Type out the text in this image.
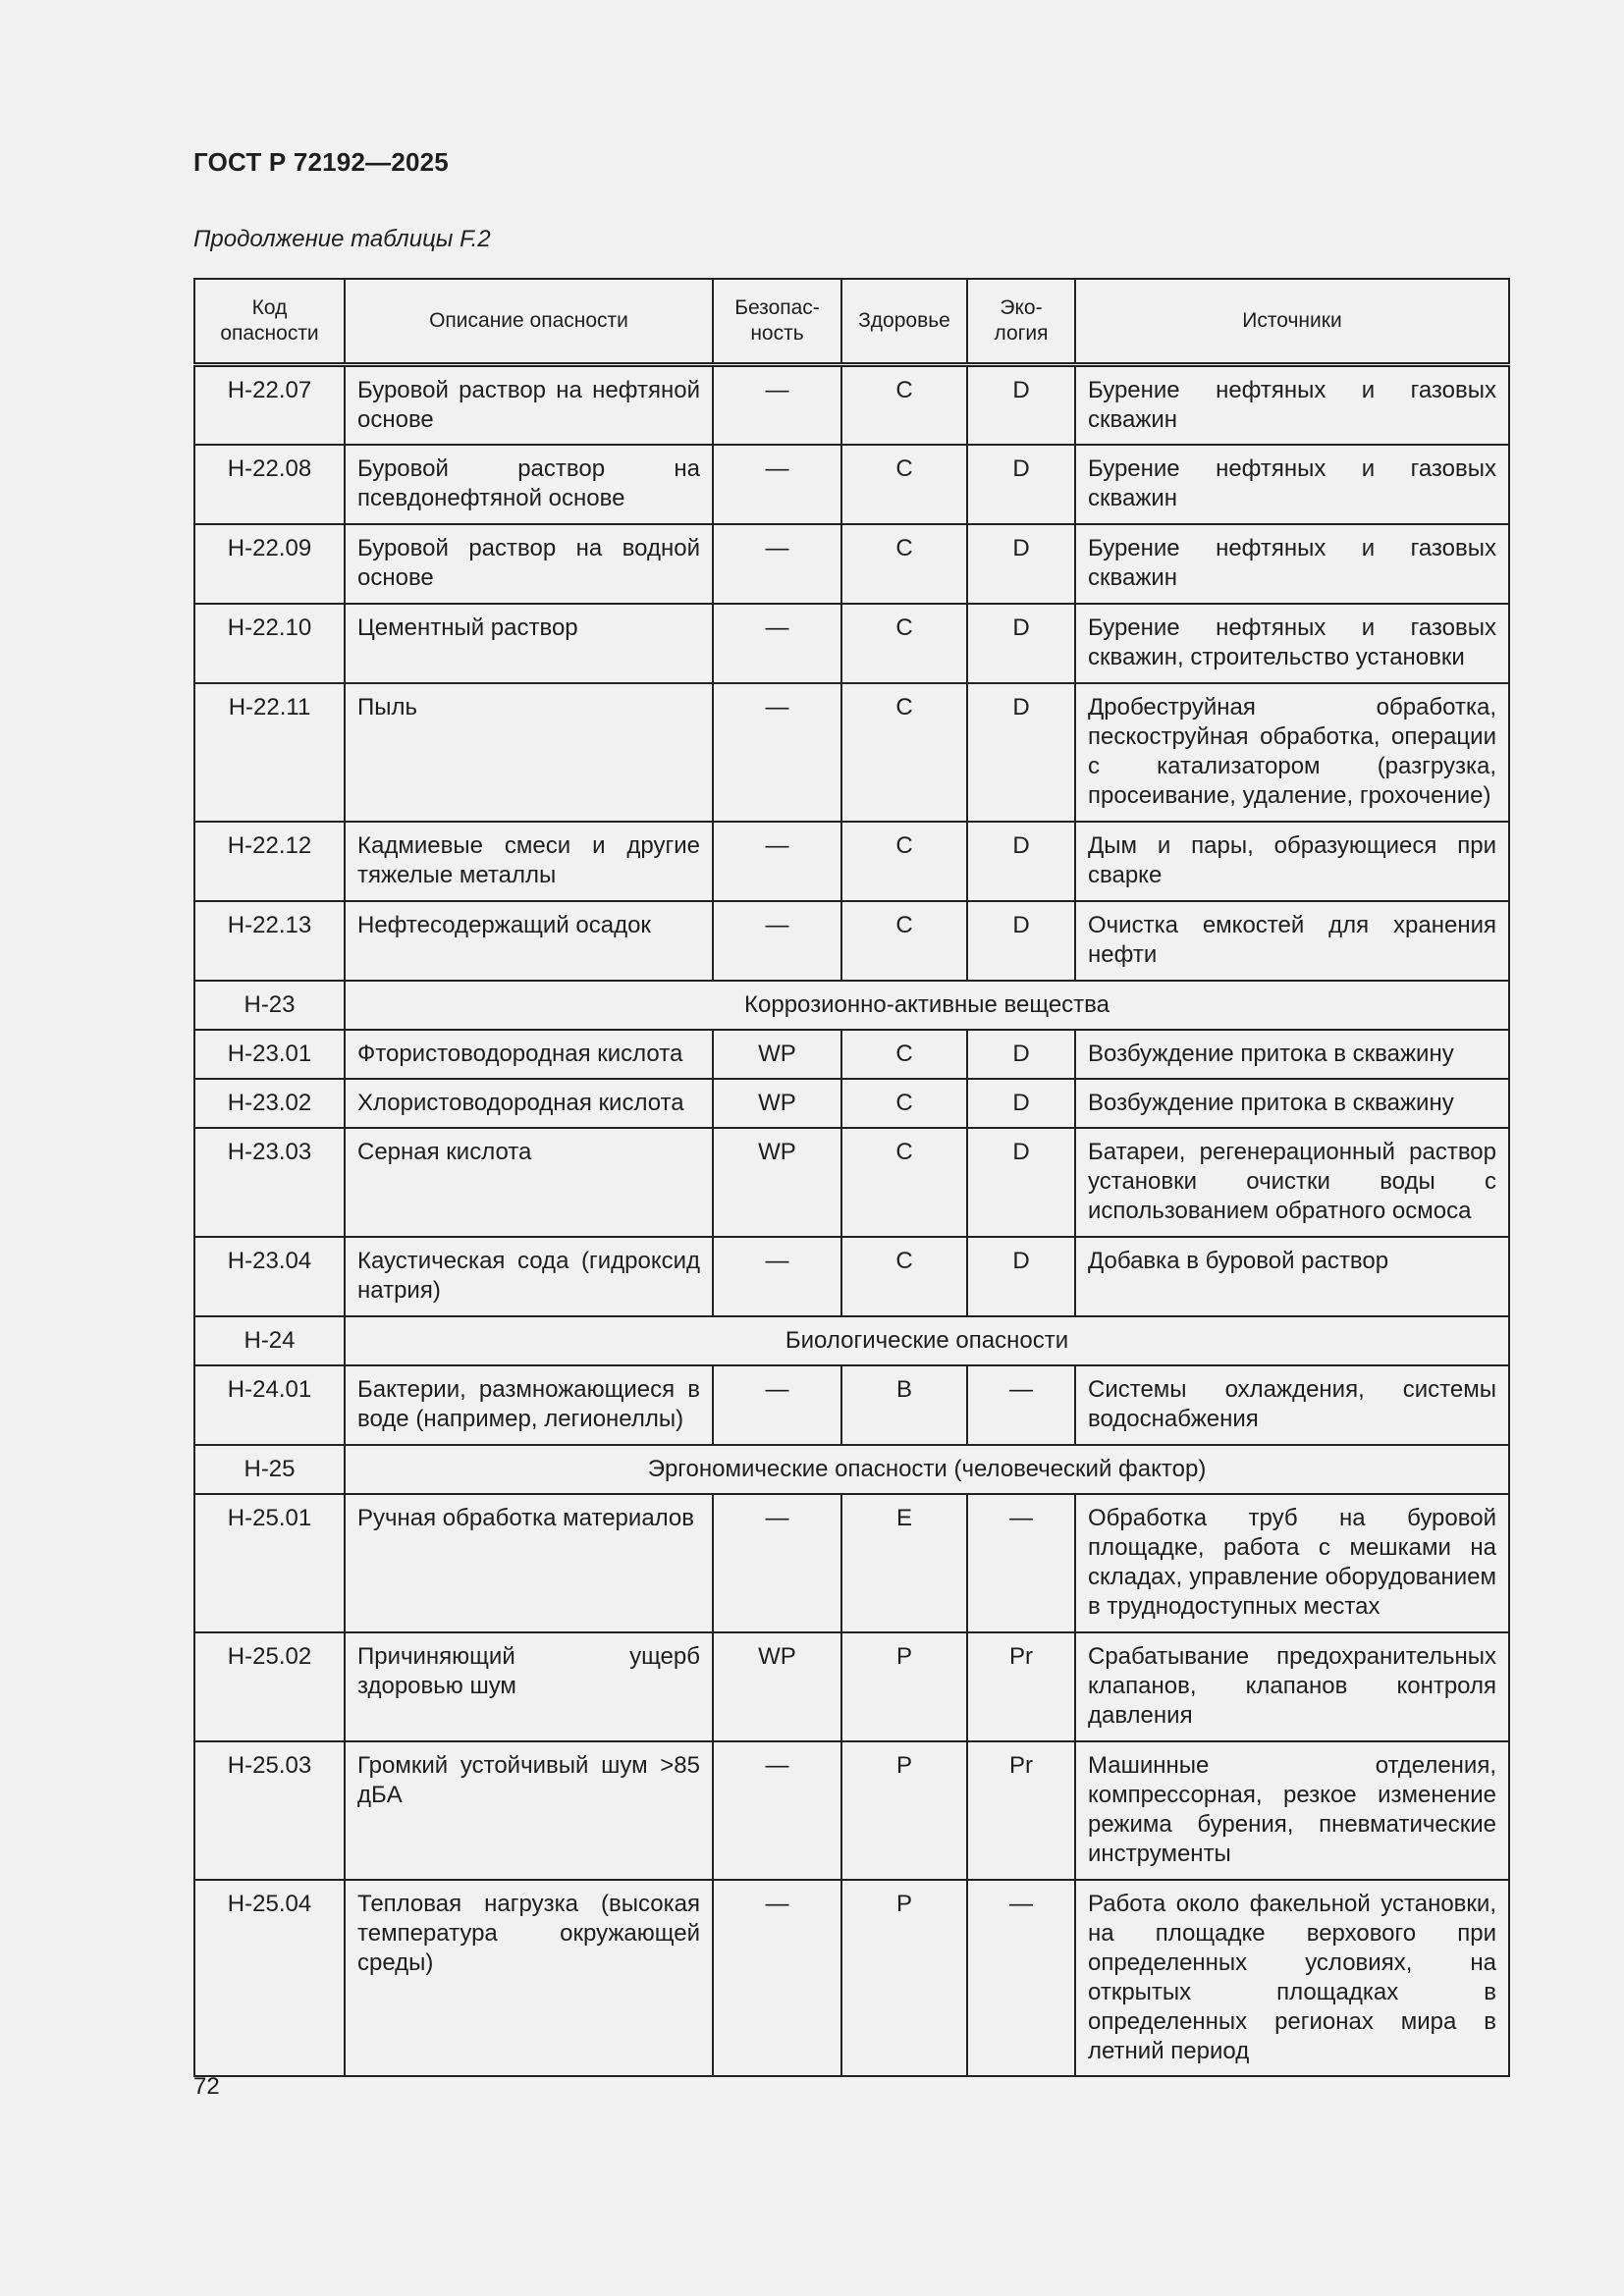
ГОСТ Р 72192—2025
Продолжение таблицы F.2
Код опасности	Описание опасности	Безопас-ность	Здоровье	Эко-логия	Источники
H-22.07	Буровой раствор на нефтяной основе	—	C	D	Бурение нефтяных и газовых скважин
H-22.08	Буровой раствор на псевдонефтяной основе	—	C	D	Бурение нефтяных и газовых скважин
H-22.09	Буровой раствор на водной основе	—	C	D	Бурение нефтяных и газовых скважин
H-22.10	Цементный раствор	—	C	D	Бурение нефтяных и газовых скважин, строительство установки
H-22.11	Пыль	—	C	D	Дробеструйная обработка, пескоструйная обработка, операции с катализатором (разгрузка, просеивание, удаление, грохочение)
H-22.12	Кадмиевые смеси и другие тяжелые металлы	—	C	D	Дым и пары, образующиеся при сварке
H-22.13	Нефтесодержащий осадок	—	C	D	Очистка емкостей для хранения нефти
H-23	Коррозионно-активные вещества				
H-23.01	Фтористоводородная кислота	WP	C	D	Возбуждение притока в скважину
H-23.02	Хлористоводородная кислота	WP	C	D	Возбуждение притока в скважину
H-23.03	Серная кислота	WP	C	D	Батареи, регенерационный раствор установки очистки воды с использованием обратного осмоса
H-23.04	Каустическая сода (гидроксид натрия)	—	C	D	Добавка в буровой раствор
H-24	Биологические опасности				
H-24.01	Бактерии, размножающиеся в воде (например, легионеллы)	—	B	—	Системы охлаждения, системы водоснабжения
H-25	Эргономические опасности (человеческий фактор)				
H-25.01	Ручная обработка материалов	—	E	—	Обработка труб на буровой площадке, работа с мешками на складах, управление оборудованием в труднодоступных местах
H-25.02	Причиняющий ущерб здоровью шум	WP	P	Pr	Срабатывание предохранительных клапанов, клапанов контроля давления
H-25.03	Громкий устойчивый шум >85 дБA	—	P	Pr	Машинные отделения, компрессорная, резкое изменение режима бурения, пневматические инструменты
H-25.04	Тепловая нагрузка (высокая температура окружающей среды)	—	P	—	Работа около факельной установки, на площадке верхового при определенных условиях, на открытых площадках в определенных регионах мира в летний период
72
